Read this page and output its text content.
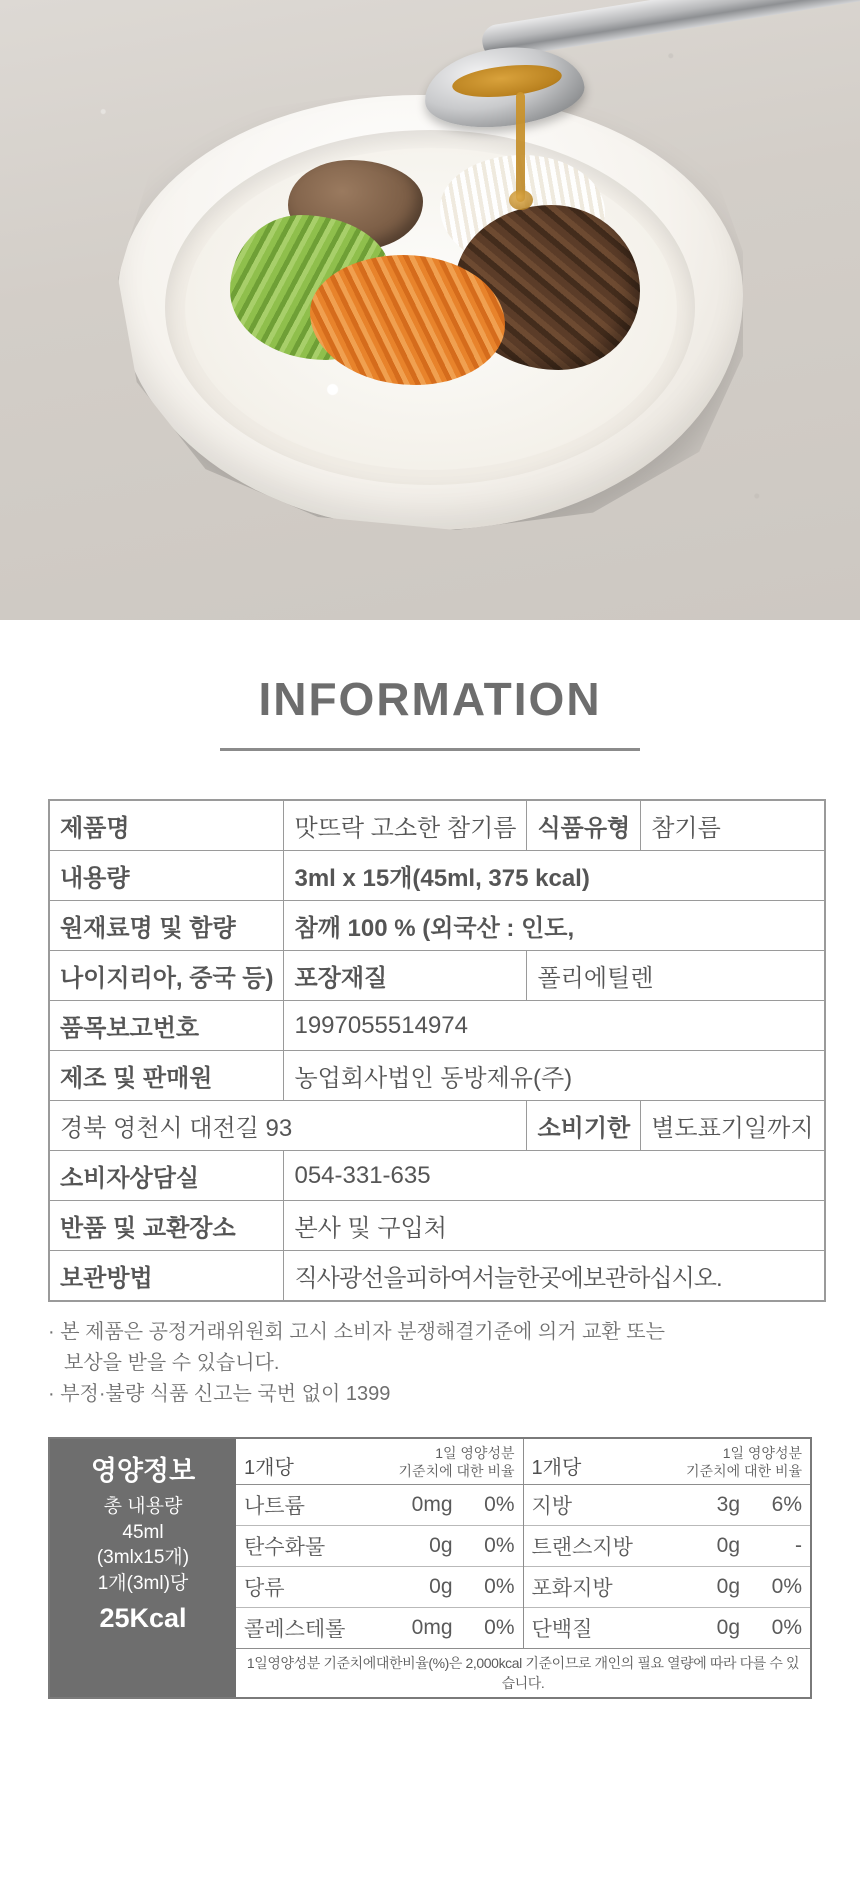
INFORMATION
제품명	맛뜨락 고소한 참기름	식품유형	참기름
내용량	3ml x 15개(45ml, 375 kcal)		
원재료명 및 함량	참깨 100 % (외국산 : 인도,		
나이지리아, 중국 등)	포장재질	폴리에틸렌	
품목보고번호	1997055514974		
제조 및 판매원	농업회사법인 동방제유(주)		
경북 영천시 대전길 93		소비기한	별도표기일까지
소비자상담실	054-331-635		
반품 및 교환장소	본사 및 구입처		
보관방법	직사광선을피하여서늘한곳에보관하십시오.		
· 본 제품은 공정거래위원회 고시 소비자 분쟁해결기준에 의거 교환 또는
보상을 받을 수 있습니다.
· 부정·불량 식품 신고는 국번 없이 1399
영양정보
총 내용량
45ml
(3mlx15개)
1개(3ml)당
25Kcal
1개당
1일 영양성분
기준치에 대한 비율
나트륨	0mg	0%
탄수화물	0g	0%
당류	0g	0%
콜레스테롤	0mg	0%
1개당
1일 영양성분
기준치에 대한 비율
지방	3g	6%
트랜스지방	0g	-
포화지방	0g	0%
단백질	0g	0%
1일영양성분 기준치에대한비율(%)은 2,000kcal 기준이므로 개인의 필요 열량에 따라 다를 수 있습니다.
